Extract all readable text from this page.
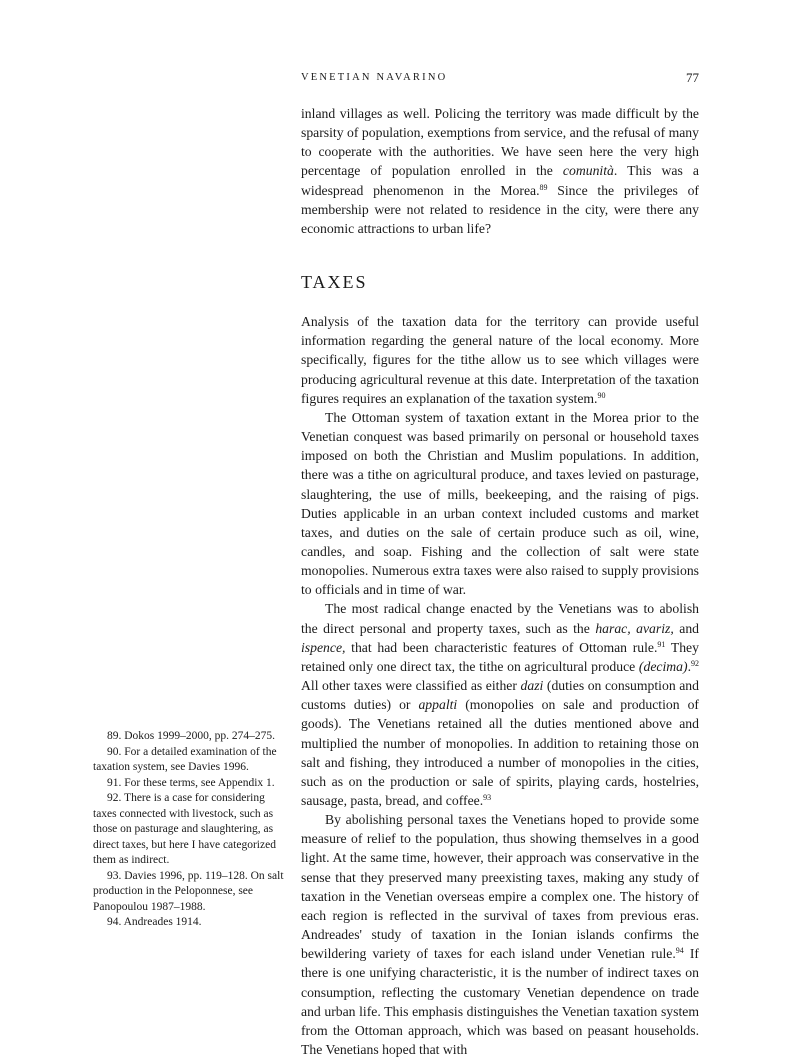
VENETIAN NAVARINO	77

inland villages as well. Policing the territory was made difficult by the sparsity of population, exemptions from service, and the refusal of many to cooperate with the authorities. We have seen here the very high percentage of population enrolled in the comunità. This was a widespread phenomenon in the Morea.$^{89}$ Since the privileges of membership were not related to residence in the city, were there any economic attractions to urban life?

TAXES

Analysis of the taxation data for the territory can provide useful information regarding the general nature of the local economy. More specifically, figures for the tithe allow us to see which villages were producing agricultural revenue at this date. Interpretation of the taxation figures requires an explanation of the taxation system.$^{90}$

The Ottoman system of taxation extant in the Morea prior to the Venetian conquest was based primarily on personal or household taxes imposed on both the Christian and Muslim populations. In addition, there was a tithe on agricultural produce, and taxes levied on pasturage, slaughtering, the use of mills, beekeeping, and the raising of pigs. Duties applicable in an urban context included customs and market taxes, and duties on the sale of certain produce such as oil, wine, candles, and soap. Fishing and the collection of salt were state monopolies. Numerous extra taxes were also raised to supply provisions to officials and in time of war.

The most radical change enacted by the Venetians was to abolish the direct personal and property taxes, such as the harac, avariz, and ispence, that had been characteristic features of Ottoman rule.$^{91}$ They retained only one direct tax, the tithe on agricultural produce (decima).$^{92}$ All other taxes were classified as either dazi (duties on consumption and customs duties) or appalti (monopolies on sale and production of goods). The Venetians retained all the duties mentioned above and multiplied the number of monopolies. In addition to retaining those on salt and fishing, they introduced a number of monopolies in the cities, such as on the production or sale of spirits, playing cards, hostelries, sausage, pasta, bread, and coffee.$^{93}$

By abolishing personal taxes the Venetians hoped to provide some measure of relief to the population, thus showing themselves in a good light. At the same time, however, their approach was conservative in the sense that they preserved many preexisting taxes, making any study of taxation in the Venetian overseas empire a complex one. The history of each region is reflected in the survival of taxes from previous eras. Andreades' study of taxation in the Ionian islands confirms the bewildering variety of taxes for each island under Venetian rule.$^{94}$ If there is one unifying characteristic, it is the number of indirect taxes on consumption, reflecting the customary Venetian dependence on trade and urban life. This emphasis distinguishes the Venetian taxation system from the Ottoman approach, which was based on peasant households. The Venetians hoped that with

89. Dokos 1999–2000, pp. 274–275.
90. For a detailed examination of the taxation system, see Davies 1996.
91. For these terms, see Appendix 1.
92. There is a case for considering taxes connected with livestock, such as those on pasturage and slaughtering, as direct taxes, but here I have categorized them as indirect.
93. Davies 1996, pp. 119–128. On salt production in the Peloponnese, see Panopoulou 1987–1988.
94. Andreades 1914.
